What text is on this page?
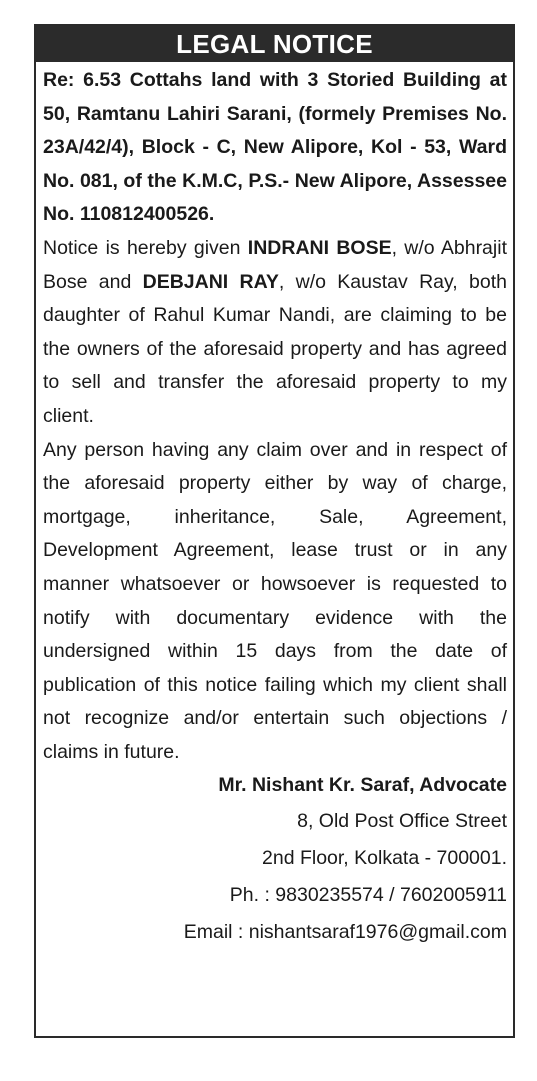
LEGAL NOTICE

Re: 6.53 Cottahs land with 3 Storied Building at 50, Ramtanu Lahiri Sarani, (formely Premises No. 23A/42/4), Block - C, New Alipore, Kol - 53, Ward No. 081, of the K.M.C, P.S.- New Alipore, Assessee No. 110812400526.

Notice is hereby given INDRANI BOSE, w/o Abhrajit Bose and DEBJANI RAY, w/o Kaustav Ray, both daughter of Rahul Kumar Nandi, are claiming to be the owners of the aforesaid property and has agreed to sell and transfer the aforesaid property to my client.

Any person having any claim over and in respect of the aforesaid property either by way of charge, mortgage, inheritance, Sale, Agreement, Development Agreement, lease trust or in any manner whatsoever or howsoever is requested to notify with documentary evidence with the undersigned within 15 days from the date of publication of this notice failing which my client shall not recognize and/or entertain such objections / claims in future.

Mr. Nishant Kr. Saraf, Advocate
8, Old Post Office Street
2nd Floor, Kolkata - 700001.
Ph. : 9830235574 / 7602005911
Email : nishantsaraf1976@gmail.com
